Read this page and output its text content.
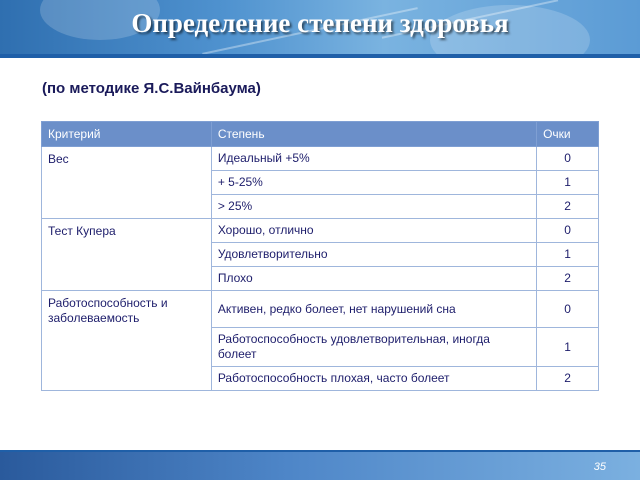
Определение степени здоровья
(по методике Я.С.Вайнбаума)
Критерий	Степень	Очки
Вес	Идеальный +5%	0
	+ 5-25%	1
	> 25%	2
Тест Купера	Хорошо, отлично	0
	Удовлетворительно	1
	Плохо	2
Работоспособность и заболеваемость	Активен, редко болеет, нет нарушений сна	0
	Работоспособность удовлетворительная, иногда болеет	1
	Работоспособность плохая, часто болеет	2
35
